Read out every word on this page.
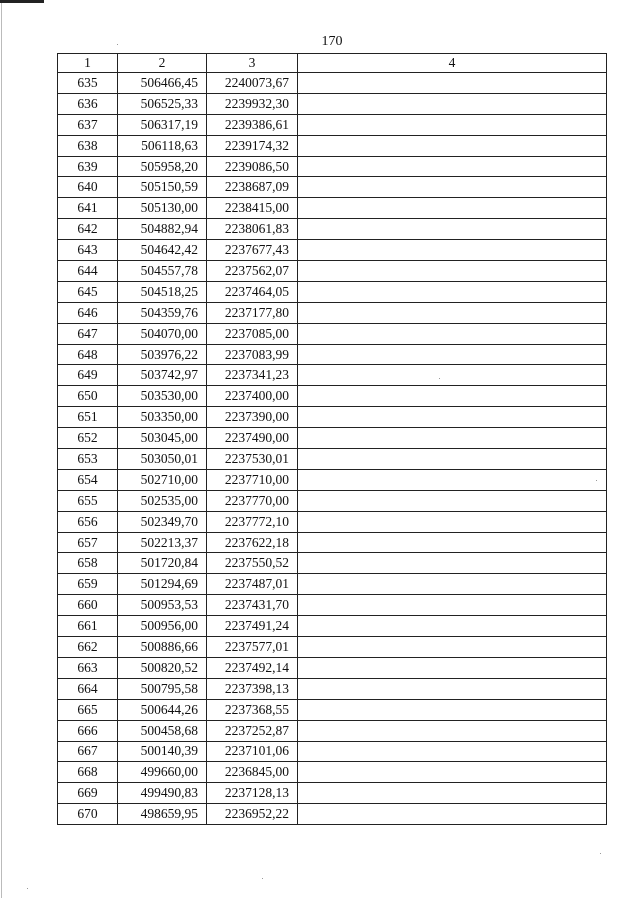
170
1	2	3	4
635	506466,45	2240073,67	
636	506525,33	2239932,30	
637	506317,19	2239386,61	
638	506118,63	2239174,32	
639	505958,20	2239086,50	
640	505150,59	2238687,09	
641	505130,00	2238415,00	
642	504882,94	2238061,83	
643	504642,42	2237677,43	
644	504557,78	2237562,07	
645	504518,25	2237464,05	
646	504359,76	2237177,80	
647	504070,00	2237085,00	
648	503976,22	2237083,99	
649	503742,97	2237341,23	
650	503530,00	2237400,00	
651	503350,00	2237390,00	
652	503045,00	2237490,00	
653	503050,01	2237530,01	
654	502710,00	2237710,00	
655	502535,00	2237770,00	
656	502349,70	2237772,10	
657	502213,37	2237622,18	
658	501720,84	2237550,52	
659	501294,69	2237487,01	
660	500953,53	2237431,70	
661	500956,00	2237491,24	
662	500886,66	2237577,01	
663	500820,52	2237492,14	
664	500795,58	2237398,13	
665	500644,26	2237368,55	
666	500458,68	2237252,87	
667	500140,39	2237101,06	
668	499660,00	2236845,00	
669	499490,83	2237128,13	
670	498659,95	2236952,22	
